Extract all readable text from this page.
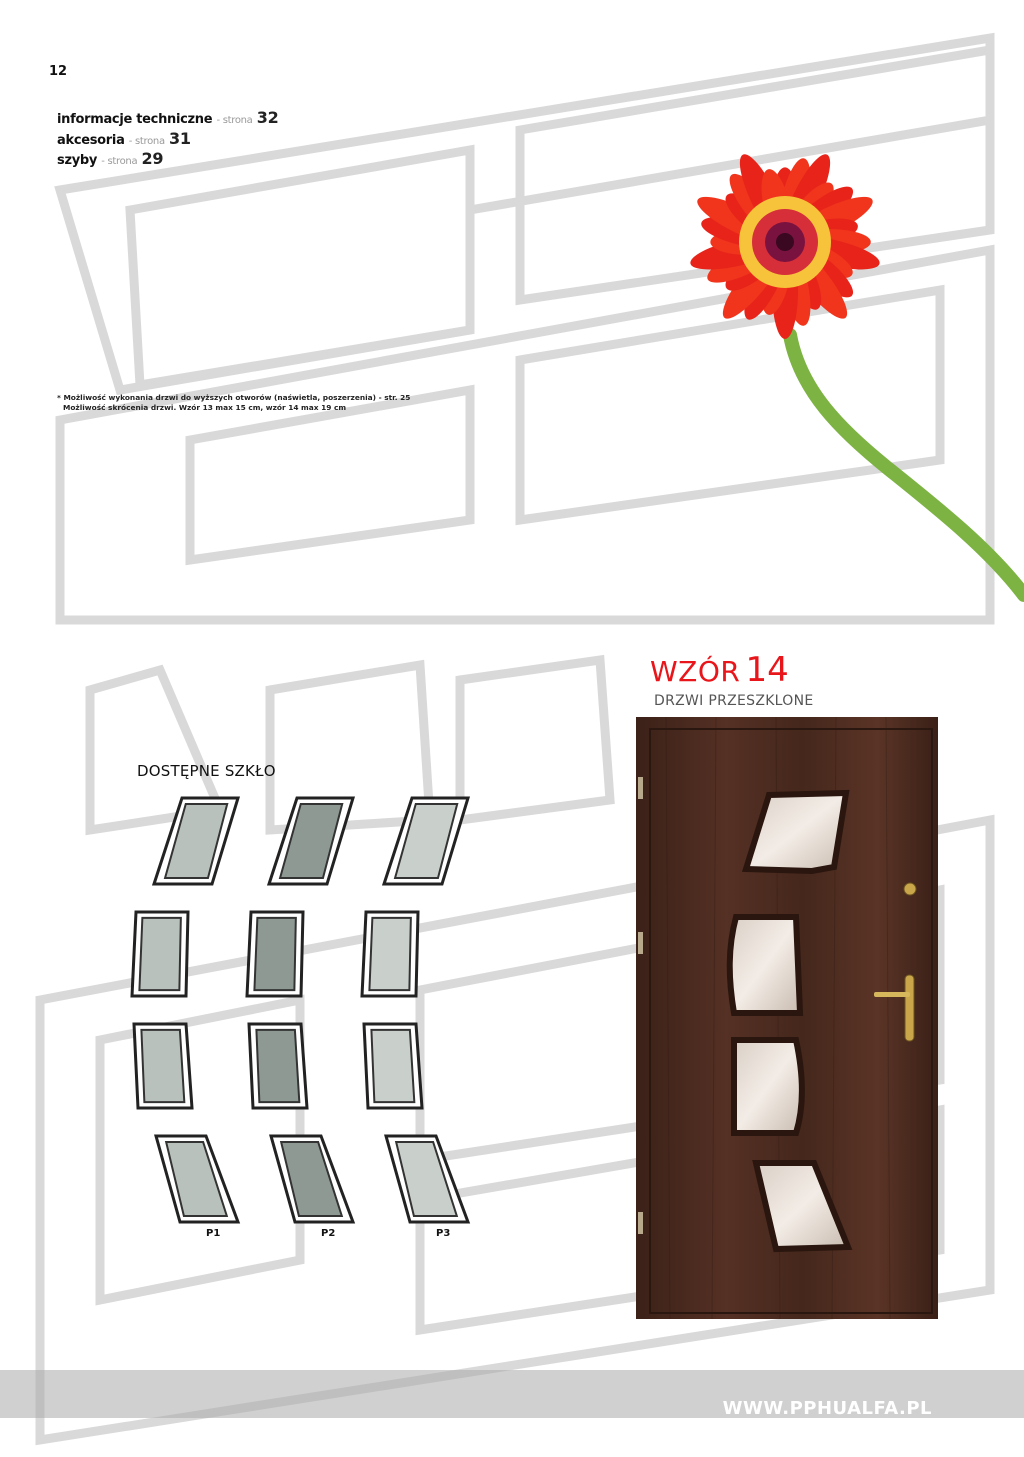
12
informacje techniczne - strona 32
akcesoria - strona 31
szyby - strona 29
* Możliwość wykonania drzwi do wyższych otworów (naświetla, poszerzenia) - str. 25
Możliwość skrócenia drzwi. Wzór 13 max 15 cm, wzór 14 max 19 cm
WZÓR 14
DRZWI PRZESZKLONE
DOSTĘPNE SZKŁO
P1	P2	P3
WWW.PPHUALFA.PL
